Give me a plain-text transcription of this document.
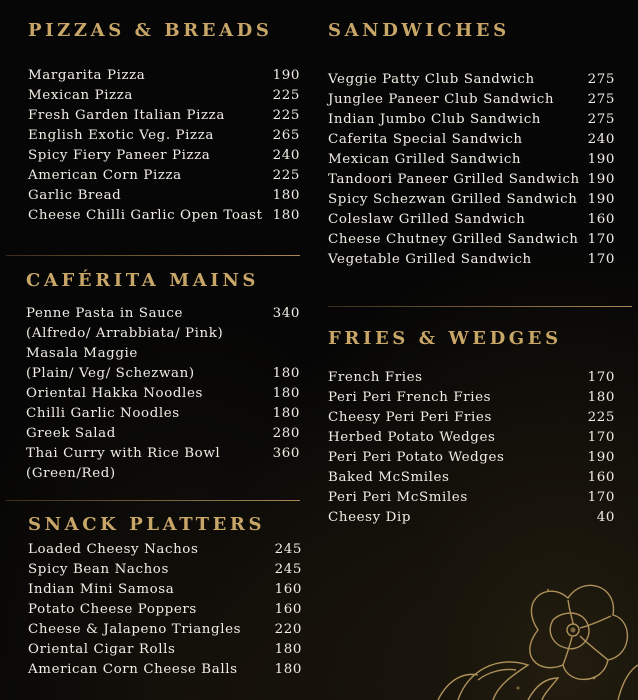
PIZZAS & BREADS
Margarita Pizza	190
Mexican Pizza	225
Fresh Garden Italian Pizza	225
English Exotic Veg. Pizza	265
Spicy Fiery Paneer Pizza	240
American Corn Pizza	225
Garlic Bread	180
Cheese Chilli Garlic Open Toast 180
CAFÉRITA MAINS
Penne Pasta in Sauce	340
(Alfredo/ Arrabbiata/ Pink)
Masala Maggie
(Plain/ Veg/ Schezwan)	180
Oriental Hakka Noodles	180
Chilli Garlic Noodles	180
Greek Salad	280
Thai Curry with Rice Bowl	360
(Green/Red)
SNACK PLATTERS
Loaded Cheesy Nachos	245
Spicy Bean Nachos	245
Indian Mini Samosa	160
Potato Cheese Poppers	160
Cheese & Jalapeno Triangles	220
Oriental Cigar Rolls	180
American Corn Cheese Balls	180
SANDWICHES
Veggie Patty Club Sandwich	275
Junglee Paneer Club Sandwich	275
Indian Jumbo Club Sandwich	275
Caferita Special Sandwich	240
Mexican Grilled Sandwich	190
Tandoori Paneer Grilled Sandwich 190
Spicy Schezwan Grilled Sandwich 190
Coleslaw Grilled Sandwich	160
Cheese Chutney Grilled Sandwich 170
Vegetable Grilled Sandwich	170
FRIES & WEDGES
French Fries	170
Peri Peri French Fries	180
Cheesy Peri Peri Fries	225
Herbed Potato Wedges	170
Peri Peri Potato Wedges	190
Baked McSmiles	160
Peri Peri McSmiles	170
Cheesy Dip	40
